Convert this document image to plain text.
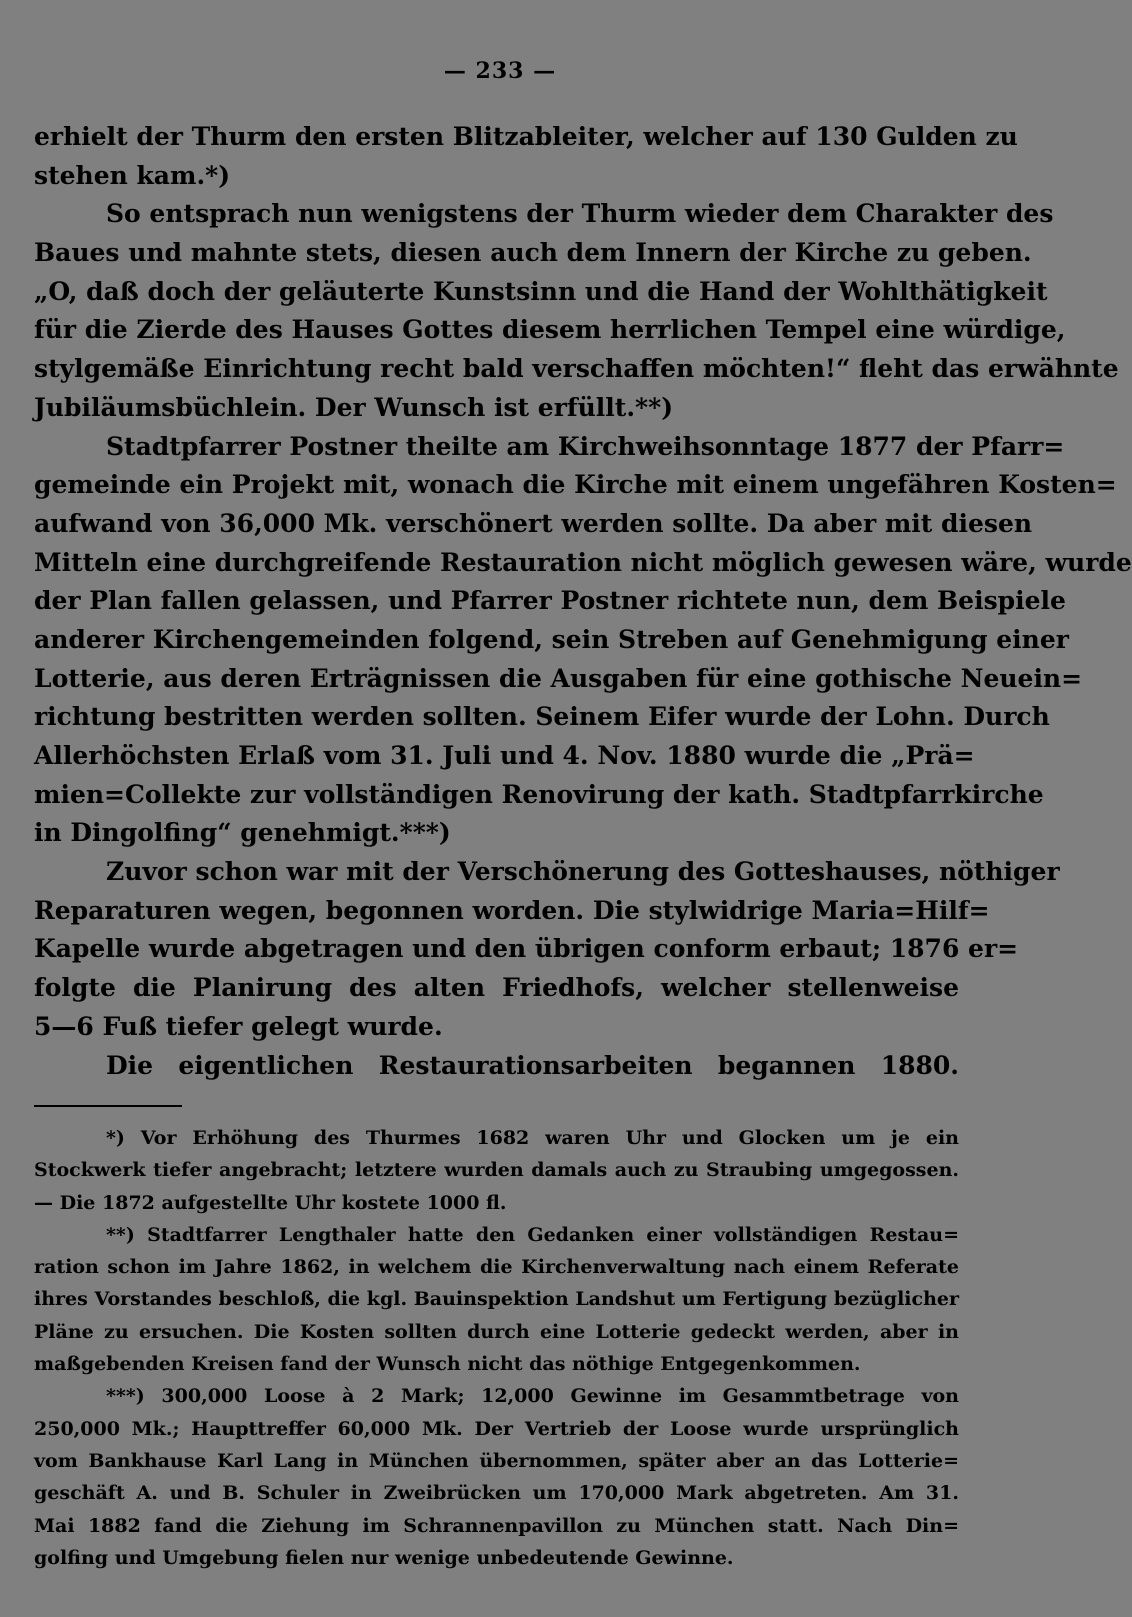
— 233 —
erhielt der Thurm den ersten Blitzableiter, welcher auf 130 Gulden zu
stehen kam.*)
So entsprach nun wenigstens der Thurm wieder dem Charakter des
Baues und mahnte stets, diesen auch dem Innern der Kirche zu geben.
„O, daß doch der geläuterte Kunstsinn und die Hand der Wohlthätigkeit
für die Zierde des Hauses Gottes diesem herrlichen Tempel eine würdige,
stylgemäße Einrichtung recht bald verschaffen möchten!“ fleht das erwähnte
Jubiläumsbüchlein. Der Wunsch ist erfüllt.**)
Stadtpfarrer Postner theilte am Kirchweihsonntage 1877 der Pfarr=
gemeinde ein Projekt mit, wonach die Kirche mit einem ungefähren Kosten=
aufwand von 36,000 Mk. verschönert werden sollte. Da aber mit diesen
Mitteln eine durchgreifende Restauration nicht möglich gewesen wäre, wurde
der Plan fallen gelassen, und Pfarrer Postner richtete nun, dem Beispiele
anderer Kirchengemeinden folgend, sein Streben auf Genehmigung einer
Lotterie, aus deren Erträgnissen die Ausgaben für eine gothische Neuein=
richtung bestritten werden sollten. Seinem Eifer wurde der Lohn. Durch
Allerhöchsten Erlaß vom 31. Juli und 4. Nov. 1880 wurde die „Prä=
mien=Collekte zur vollständigen Renovirung der kath. Stadtpfarrkirche
in Dingolfing“ genehmigt.***)
Zuvor schon war mit der Verschönerung des Gotteshauses, nöthiger
Reparaturen wegen, begonnen worden. Die stylwidrige Maria=Hilf=
Kapelle wurde abgetragen und den übrigen conform erbaut; 1876 er=
folgte die Planirung des alten Friedhofs, welcher stellenweise
5—6 Fuß tiefer gelegt wurde.
Die eigentlichen Restaurationsarbeiten begannen 1880.
*) Vor Erhöhung des Thurmes 1682 waren Uhr und Glocken um je ein
Stockwerk tiefer angebracht; letztere wurden damals auch zu Straubing umgegossen.
— Die 1872 aufgestellte Uhr kostete 1000 fl.
**) Stadtfarrer Lengthaler hatte den Gedanken einer vollständigen Restau=
ration schon im Jahre 1862, in welchem die Kirchenverwaltung nach einem Referate
ihres Vorstandes beschloß, die kgl. Bauinspektion Landshut um Fertigung bezüglicher
Pläne zu ersuchen. Die Kosten sollten durch eine Lotterie gedeckt werden, aber in
maßgebenden Kreisen fand der Wunsch nicht das nöthige Entgegenkommen.
***) 300,000 Loose à 2 Mark; 12,000 Gewinne im Gesammtbetrage von
250,000 Mk.; Haupttreffer 60,000 Mk. Der Vertrieb der Loose wurde ursprünglich
vom Bankhause Karl Lang in München übernommen, später aber an das Lotterie=
geschäft A. und B. Schuler in Zweibrücken um 170,000 Mark abgetreten. Am 31.
Mai 1882 fand die Ziehung im Schrannenpavillon zu München statt. Nach Din=
golfing und Umgebung fielen nur wenige unbedeutende Gewinne.
